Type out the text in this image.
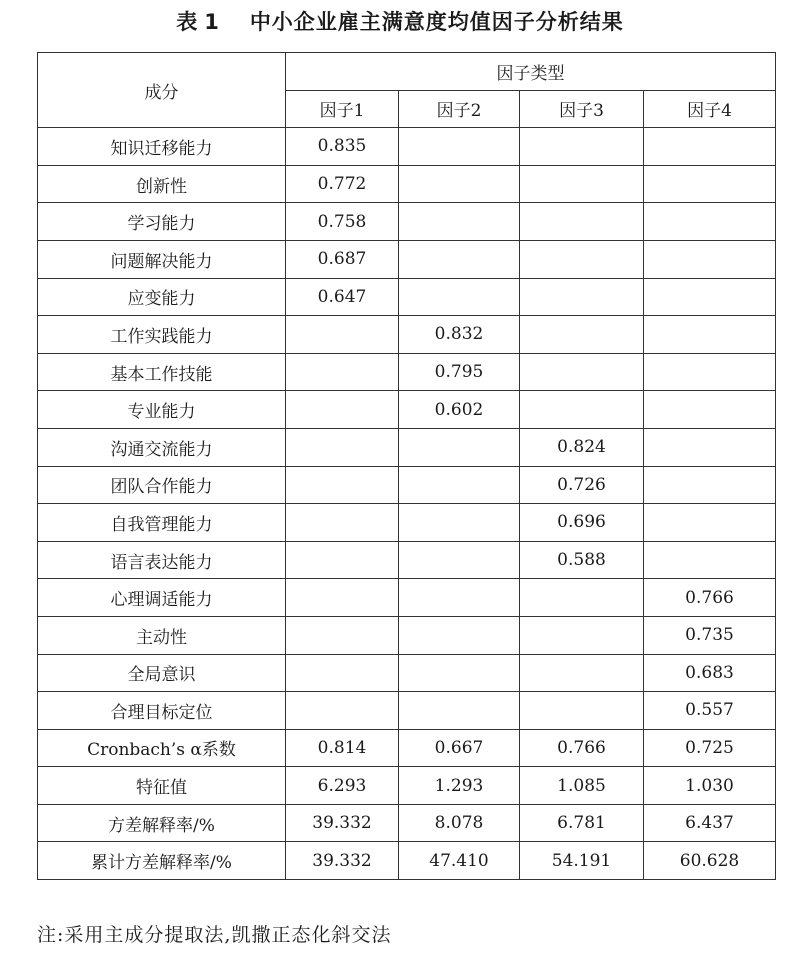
表 1 中小企业雇主满意度均值因子分析结果
成分	因子类型			
	因子1	因子2	因子3	因子4
知识迁移能力	0.835			
创新性	0.772			
学习能力	0.758			
问题解决能力	0.687			
应变能力	0.647			
工作实践能力		0.832		
基本工作技能		0.795		
专业能力		0.602		
沟通交流能力			0.824	
团队合作能力			0.726	
自我管理能力			0.696	
语言表达能力			0.588	
心理调适能力				0.766
主动性				0.735
全局意识				0.683
合理目标定位				0.557
Cronbach’s α系数	0.814	0.667	0.766	0.725
特征值	6.293	1.293	1.085	1.030
方差解释率/%	39.332	8.078	6.781	6.437
累计方差解释率/%	39.332	47.410	54.191	60.628
注:采用主成分提取法,凯撒正态化斜交法
